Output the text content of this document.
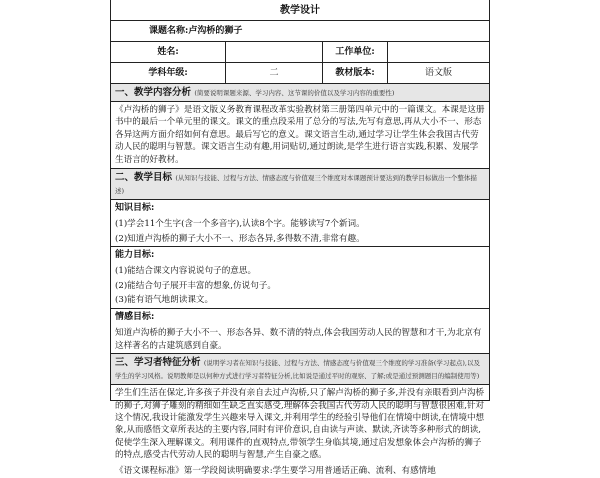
教学设计
课题名称: 卢沟桥的狮子
姓名:	工作单位:
学科年级:	二	教材版本:	语文版
一、教学内容分析 (简要说明课题来源、学习内容、这节课的价值以及学习内容的重要性)
《卢沟桥的狮子》是语文版义务教育课程改革实验教材第三册第四单元中的一篇课文。本课是这册书中的最后一个单元里的课文。课文的重点段采用了总分的写法,先写有意思,再从大小不一、形态各异这两方面介绍如何有意思。最后写它的意义。课文语言生动,通过学习让学生体会我国古代劳动人民的聪明与智慧。课文语言生动有趣,用词贴切,通过朗读,是学生进行语言实践,积累、发展学生语言的好教材。
二、教学目标 (从知识与技能、过程与方法、情感态度与价值观三个维度对本课题预计要达到的教学目标做出一个整体描述)
知识目标:
(1)学会11个生字(含一个多音字),认读8个字。能够读写7个新词。
(2)知道卢沟桥的狮子大小不一、形态各异,多得数不清,非常有趣。
能力目标:
(1)能结合课文内容说说句子的意思。
(2)能结合句子展开丰富的想象,仿说句子。
(3)能有语气地朗读课文。
情感目标:
知道卢沟桥的狮子大小不一、形态各异、数不清的特点,体会我国劳动人民的智慧和才干,为北京有这样著名的古建筑感到自豪。
三、学习者特征分析 (说明学习者在知识与技能、过程与方法、情感态度与价值观三个维度的学习准备(学习起点),以及学生的学习风格。说明教师是以何种方式进行学习者特征分析,比如说是通过平时的观察、了解;或是通过预测题目的编制使用等)
学生们生活在保定,许多孩子并没有亲自去过卢沟桥,只了解卢沟桥的狮子多,并没有亲眼看到卢沟桥的狮子,对狮子雕刻的精细如生缺乏直实感受,理解体会我国古代劳动人民的聪明与智慧很困难,针对这个情况,我设计能激发学生兴趣来导入课文,并利用学生的经验引导他们在情境中朗读,在情境中想象,从而感悟文章所表达的主要内容,同时有评价意识,自由读与声读、默读,齐读等多种形式的朗读,促使学生深入理解课文。利用课件的直观特点,带领学生身临其境,通过启发想象体会卢沟桥的狮子的特点,感受古代劳动人民的聪明与智慧,产生自豪之感。
《语文课程标准》第一学段阅读明确要求:学生要学习用普通话正确、流利、有感情地
